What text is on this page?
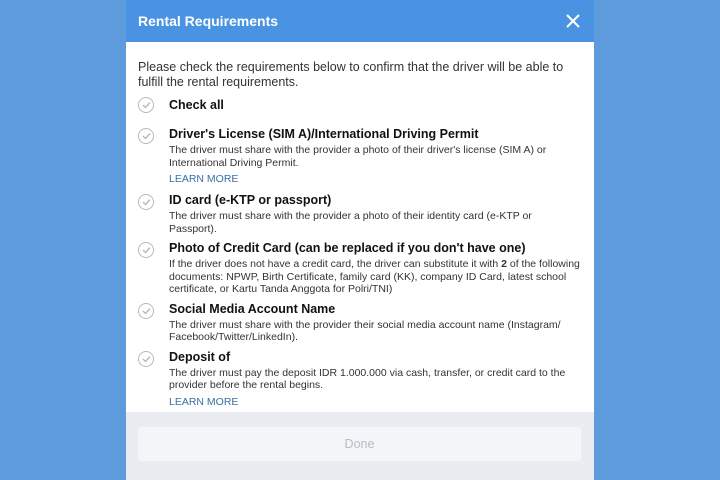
Rental Requirements

Please check the requirements below to confirm that the driver will be able to fulfill the rental requirements.

Check all
Driver's License (SIM A)/International Driving Permit
The driver must share with the provider a photo of their driver's license (SIM A) or International Driving Permit.
LEARN MORE
ID card (e-KTP or passport)
The driver must share with the provider a photo of their identity card (e-KTP or Passport).
Photo of Credit Card (can be replaced if you don't have one)
If the driver does not have a credit card, the driver can substitute it with 2 of the following documents: NPWP, Birth Certificate, family card (KK), company ID Card, latest school certificate, or Kartu Tanda Anggota for Polri/TNI)
Social Media Account Name
The driver must share with the provider their social media account name (Instagram/ Facebook/Twitter/LinkedIn).
Deposit of
The driver must pay the deposit IDR 1.000.000 via cash, transfer, or credit card to the provider before the rental begins.
LEARN MORE
Done
